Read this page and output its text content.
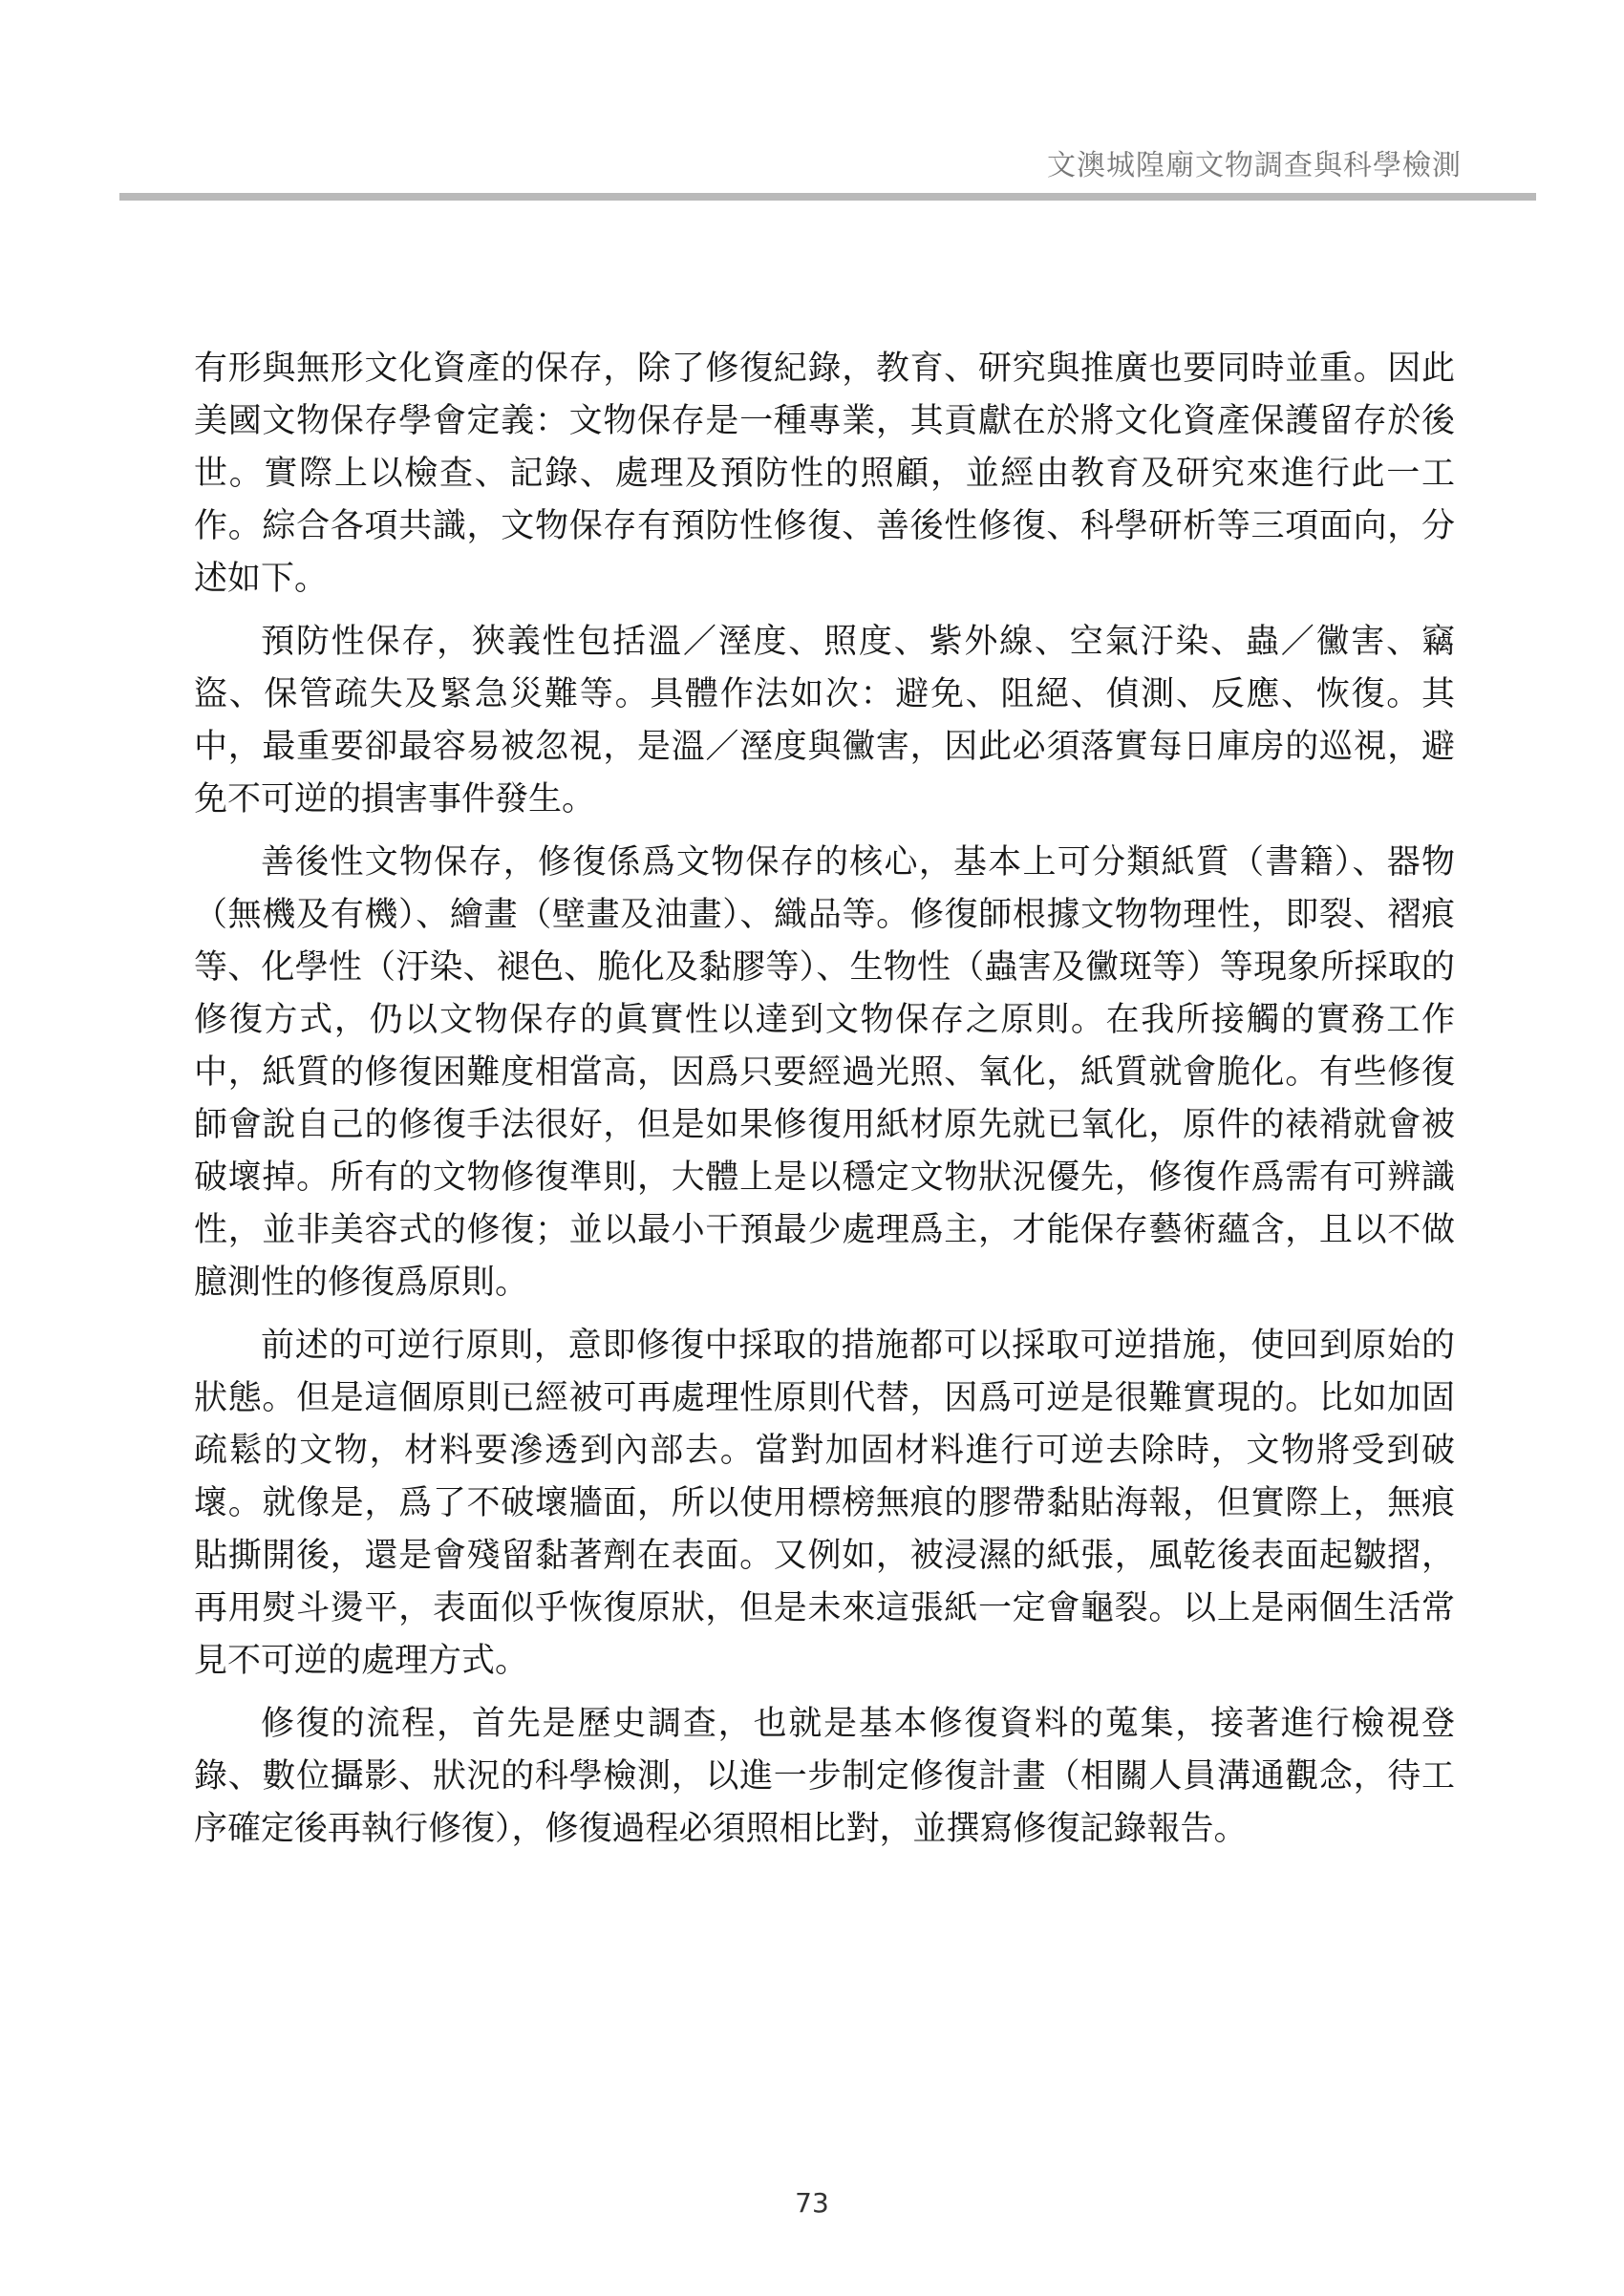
文澳城隍廟文物調查與科學檢測

有形與無形文化資產的保存，除了修復紀錄，教育、研究與推廣也要同時並重。因此美國文物保存學會定義：文物保存是一種專業，其貢獻在於將文化資產保護留存於後世。實際上以檢查、記錄、處理及預防性的照顧，並經由教育及研究來進行此一工作。綜合各項共識，文物保存有預防性修復、善後性修復、科學研析等三項面向，分述如下。

預防性保存，狹義性包括溫／溼度、照度、紫外線、空氣汙染、蟲／黴害、竊盜、保管疏失及緊急災難等。具體作法如次：避免、阻絕、偵測、反應、恢復。其中，最重要卻最容易被忽視，是溫／溼度與黴害，因此必須落實每日庫房的巡視，避免不可逆的損害事件發生。

善後性文物保存，修復係爲文物保存的核心，基本上可分類紙質（書籍）、器物（無機及有機）、繪畫（壁畫及油畫）、織品等。修復師根據文物物理性，即裂、褶痕等、化學性（汙染、褪色、脆化及黏膠等）、生物性（蟲害及黴斑等）等現象所採取的修復方式，仍以文物保存的眞實性以達到文物保存之原則。在我所接觸的實務工作中，紙質的修復困難度相當高，因爲只要經過光照、氧化，紙質就會脆化。有些修復師會說自己的修復手法很好，但是如果修復用紙材原先就已氧化，原件的裱褙就會被破壞掉。所有的文物修復準則，大體上是以穩定文物狀況優先，修復作爲需有可辨識性，並非美容式的修復；並以最小干預最少處理爲主，才能保存藝術蘊含，且以不做臆測性的修復爲原則。

前述的可逆行原則，意即修復中採取的措施都可以採取可逆措施，使回到原始的狀態。但是這個原則已經被可再處理性原則代替，因爲可逆是很難實現的。比如加固疏鬆的文物，材料要滲透到內部去。當對加固材料進行可逆去除時，文物將受到破壞。就像是，爲了不破壞牆面，所以使用標榜無痕的膠帶黏貼海報，但實際上，無痕貼撕開後，還是會殘留黏著劑在表面。又例如，被浸濕的紙張，風乾後表面起皺摺，再用熨斗燙平，表面似乎恢復原狀，但是未來這張紙一定會龜裂。以上是兩個生活常見不可逆的處理方式。

修復的流程，首先是歷史調查，也就是基本修復資料的蒐集，接著進行檢視登錄、數位攝影、狀況的科學檢測，以進一步制定修復計畫（相關人員溝通觀念，待工序確定後再執行修復），修復過程必須照相比對，並撰寫修復記錄報告。

73
